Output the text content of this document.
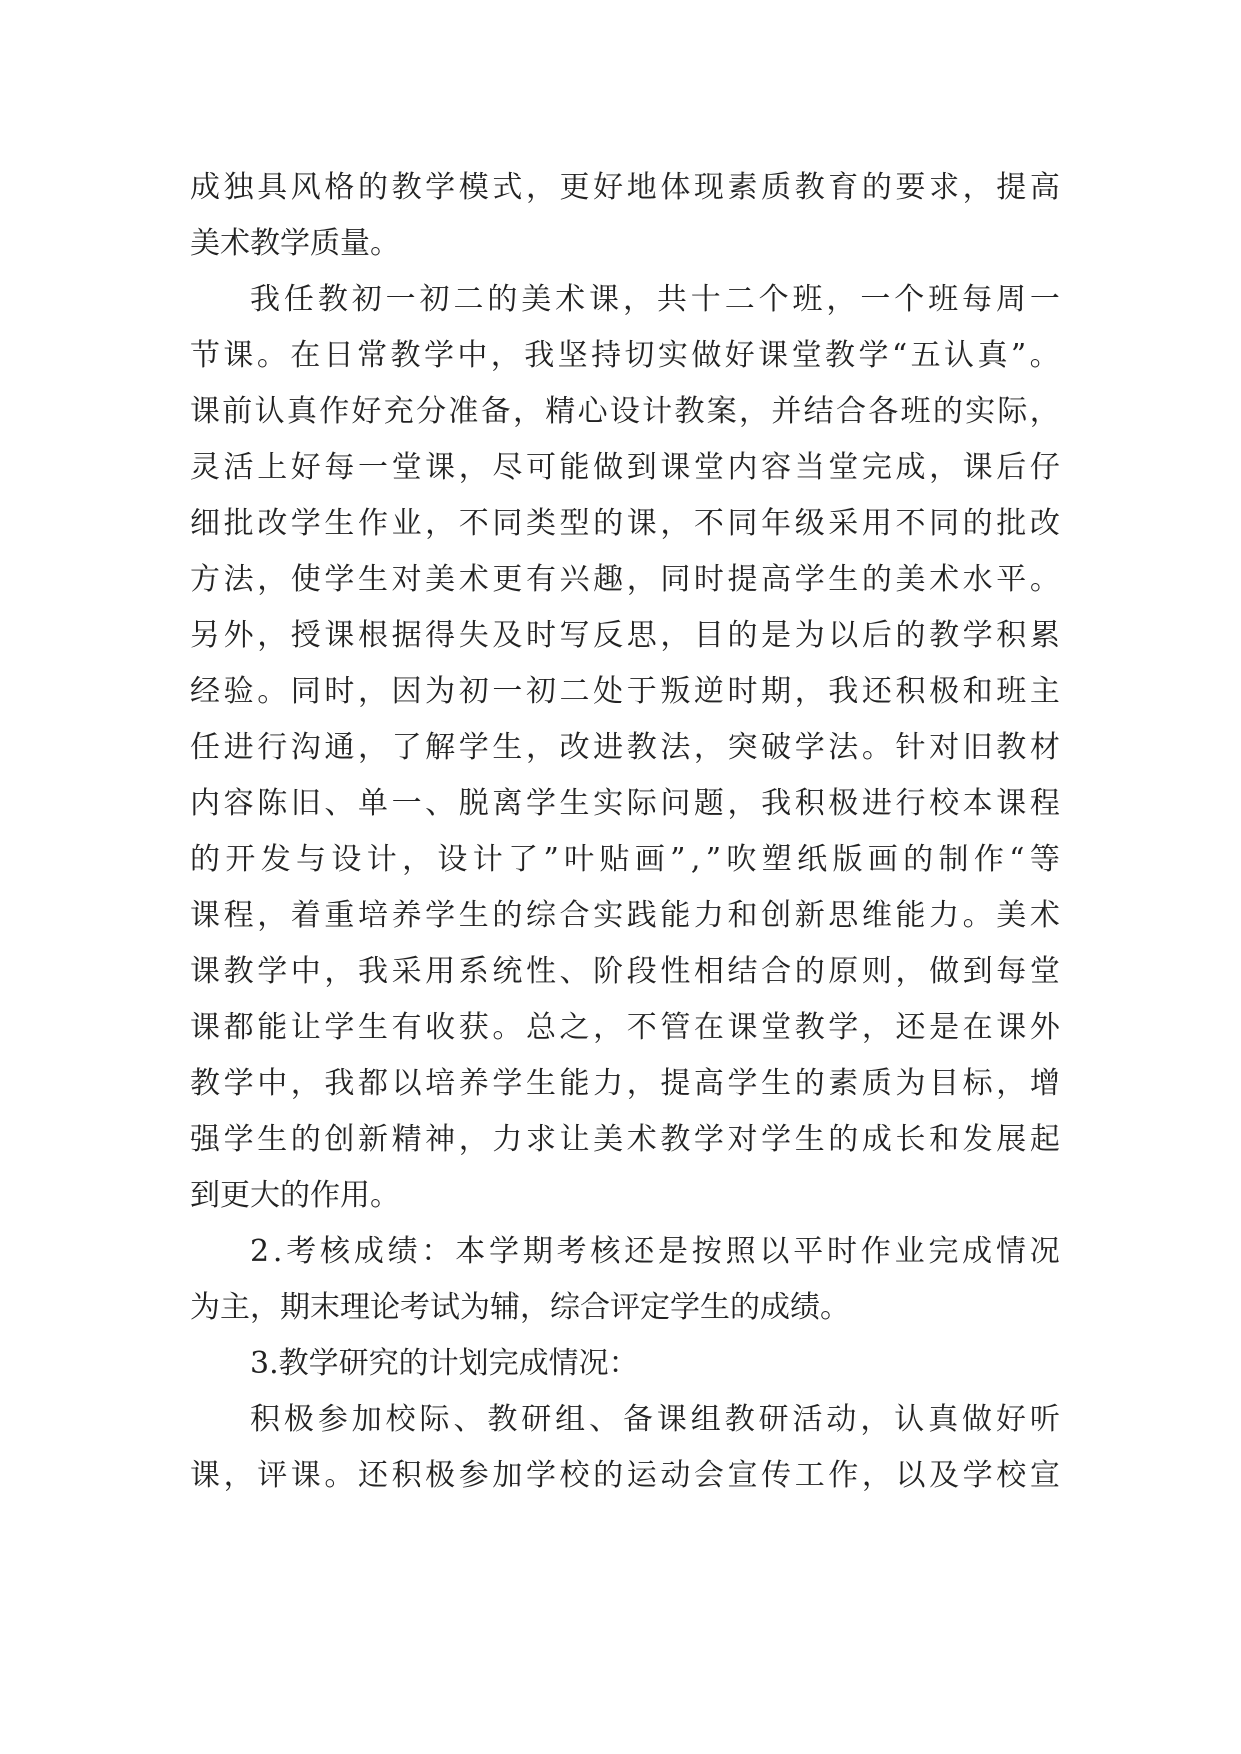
成 独 具 风 格 的 教 学 模 式 ， 更 好 地 体 现 素 质 教 育 的 要 求 ， 提 高
美 术 教 学 质 量 。
我 任 教 初 一 初 二 的 美 术 课 ， 共 十 二 个 班 ， 一 个 班 每 周 一
节 课 。 在 日 常 教 学 中 ， 我 坚 持 切 实 做 好 课 堂 教 学 “ 五 认 真 ” 。
课 前 认 真 作 好 充 分 准 备 ， 精 心 设 计 教 案 ， 并 结 合 各 班 的 实 际 ，
灵 活 上 好 每 一 堂 课 ， 尽 可 能 做 到 课 堂 内 容 当 堂 完 成 ， 课 后 仔
细 批 改 学 生 作 业 ， 不 同 类 型 的 课 ， 不 同 年 级 采 用 不 同 的 批 改
方 法 ， 使 学 生 对 美 术 更 有 兴 趣 ， 同 时 提 高 学 生 的 美 术 水 平 。
另 外 ， 授 课 根 据 得 失 及 时 写 反 思 ， 目 的 是 为 以 后 的 教 学 积 累
经 验 。 同 时 ， 因 为 初 一 初 二 处 于 叛 逆 时 期 ， 我 还 积 极 和 班 主
任 进 行 沟 通 ， 了 解 学 生 ， 改 进 教 法 ， 突 破 学 法 。 针 对 旧 教 材
内 容 陈 旧 、 单 一 、 脱 离 学 生 实 际 问 题 ， 我 积 极 进 行 校 本 课 程
的 开 发 与 设 计 ， 设 计 了 ” 叶 贴 画 ” , ” 吹 塑 纸 版 画 的 制 作 “ 等
课 程 ， 着 重 培 养 学 生 的 综 合 实 践 能 力 和 创 新 思 维 能 力 。 美 术
课 教 学 中 ， 我 采 用 系 统 性 、 阶 段 性 相 结 合 的 原 则 ， 做 到 每 堂
课 都 能 让 学 生 有 收 获 。 总 之 ， 不 管 在 课 堂 教 学 ， 还 是 在 课 外
教 学 中 ， 我 都 以 培 养 学 生 能 力 ， 提 高 学 生 的 素 质 为 目 标 ， 增
强 学 生 的 创 新 精 神 ， 力 求 让 美 术 教 学 对 学 生 的 成 长 和 发 展 起
到 更 大 的 作 用 。
2 . 考 核 成 绩 ： 本 学 期 考 核 还 是 按 照 以 平 时 作 业 完 成 情 况
为 主 ， 期 末 理 论 考 试 为 辅 ， 综 合 评 定 学 生 的 成 绩 。
3 . 教 学 研 究 的 计 划 完 成 情 况 ：
积 极 参 加 校 际 、 教 研 组 、 备 课 组 教 研 活 动 ， 认 真 做 好 听
课 ， 评 课 。 还 积 极 参 加 学 校 的 运 动 会 宣 传 工 作 ， 以 及 学 校 宣
